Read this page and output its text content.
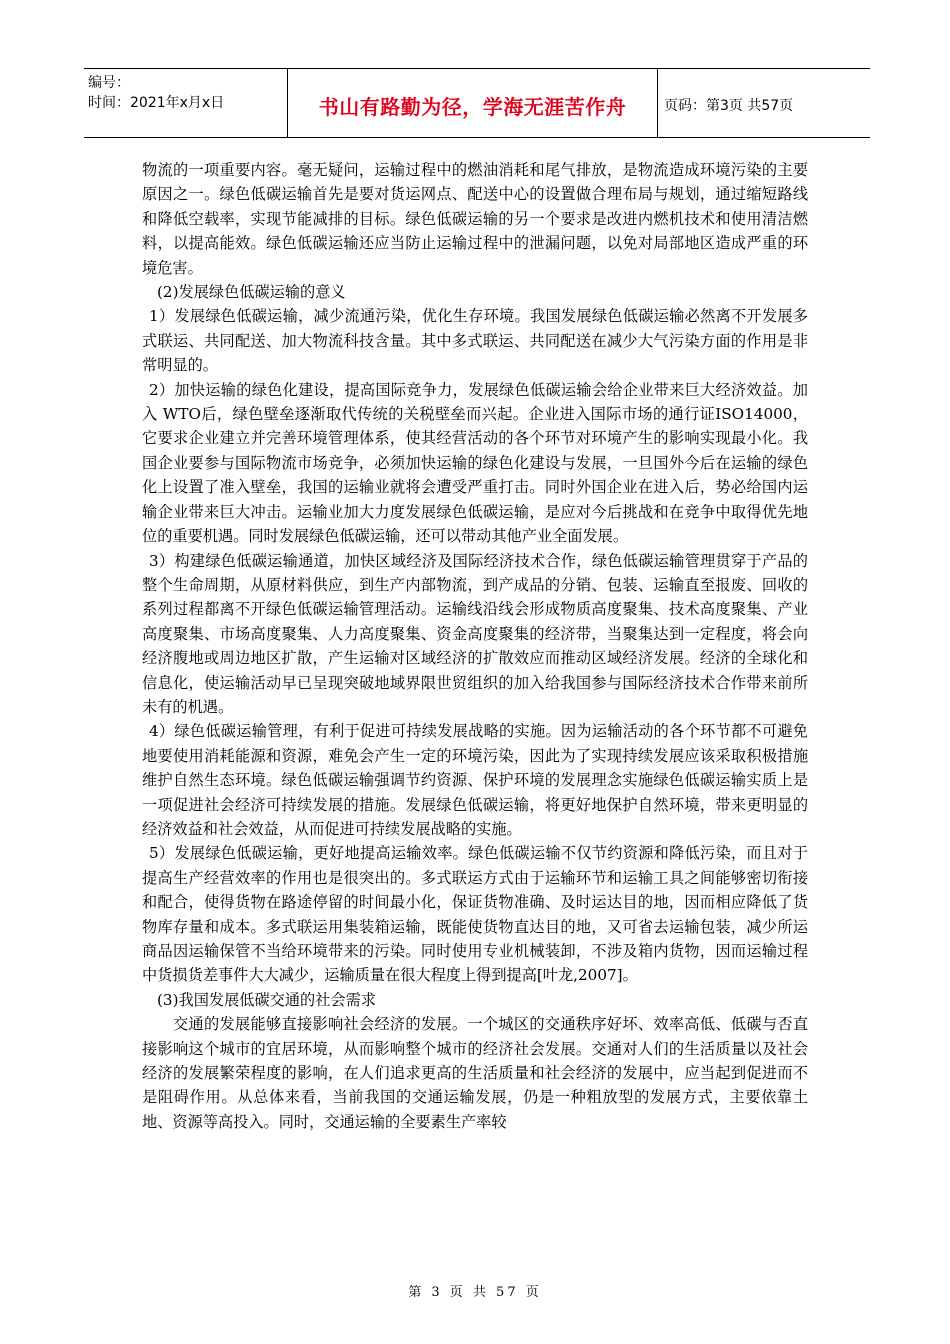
编号：
时间：2021年x月x日	书山有路勤为径，学海无涯苦作舟	页码：第3页 共57页

物流的一项重要内容。毫无疑问，运输过程中的燃油消耗和尾气排放，是物流造成环境污染的主要原因之一。绿色低碳运输首先是要对货运网点、配送中心的设置做合理布局与规划，通过缩短路线和降低空载率，实现节能减排的目标。绿色低碳运输的另一个要求是改进内燃机技术和使用清洁燃料，以提高能效。绿色低碳运输还应当防止运输过程中的泄漏问题，以免对局部地区造成严重的环境危害。

(2)发展绿色低碳运输的意义

1）发展绿色低碳运输，减少流通污染，优化生存环境。我国发展绿色低碳运输必然离不开发展多式联运、共同配送、加大物流科技含量。其中多式联运、共同配送在减少大气污染方面的作用是非常明显的。

2）加快运输的绿色化建设，提高国际竞争力，发展绿色低碳运输会给企业带来巨大经济效益。加入 WTO后，绿色壁垒逐渐取代传统的关税壁垒而兴起。企业进入国际市场的通行证ISO14000，它要求企业建立并完善环境管理体系，使其经营活动的各个环节对环境产生的影响实现最小化。我国企业要参与国际物流市场竞争，必须加快运输的绿色化建设与发展，一旦国外今后在运输的绿色化上设置了准入壁垒，我国的运输业就将会遭受严重打击。同时外国企业在进入后，势必给国内运输企业带来巨大冲击。运输业加大力度发展绿色低碳运输，是应对今后挑战和在竞争中取得优先地位的重要机遇。同时发展绿色低碳运输，还可以带动其他产业全面发展。

3）构建绿色低碳运输通道，加快区域经济及国际经济技术合作，绿色低碳运输管理贯穿于产品的整个生命周期，从原材料供应，到生产内部物流，到产成品的分销、包装、运输直至报废、回收的系列过程都离不开绿色低碳运输管理活动。运输线沿线会形成物质高度聚集、技术高度聚集、产业高度聚集、市场高度聚集、人力高度聚集、资金高度聚集的经济带，当聚集达到一定程度，将会向经济腹地或周边地区扩散，产生运输对区域经济的扩散效应而推动区域经济发展。经济的全球化和信息化，使运输活动早已呈现突破地域界限世贸组织的加入给我国参与国际经济技术合作带来前所未有的机遇。

4）绿色低碳运输管理，有利于促进可持续发展战略的实施。因为运输活动的各个环节都不可避免地要使用消耗能源和资源，难免会产生一定的环境污染，因此为了实现持续发展应该采取积极措施维护自然生态环境。绿色低碳运输强调节约资源、保护环境的发展理念实施绿色低碳运输实质上是一项促进社会经济可持续发展的措施。发展绿色低碳运输，将更好地保护自然环境，带来更明显的经济效益和社会效益，从而促进可持续发展战略的实施。

5）发展绿色低碳运输，更好地提高运输效率。绿色低碳运输不仅节约资源和降低污染，而且对于提高生产经营效率的作用也是很突出的。多式联运方式由于运输环节和运输工具之间能够密切衔接和配合，使得货物在路途停留的时间最小化，保证货物准确、及时运达目的地，因而相应降低了货物库存量和成本。多式联运用集装箱运输，既能使货物直达目的地，又可省去运输包装，减少所运商品因运输保管不当给环境带来的污染。同时使用专业机械装卸，不涉及箱内货物，因而运输过程中货损货差事件大大减少，运输质量在很大程度上得到提高[叶龙,2007]。

(3)我国发展低碳交通的社会需求

交通的发展能够直接影响社会经济的发展。一个城区的交通秩序好坏、效率高低、低碳与否直接影响这个城市的宜居环境，从而影响整个城市的经济社会发展。交通对人们的生活质量以及社会经济的发展繁荣程度的影响，在人们追求更高的生活质量和社会经济的发展中，应当起到促进而不是阻碍作用。从总体来看，当前我国的交通运输发展，仍是一种粗放型的发展方式，主要依靠土地、资源等高投入。同时，交通运输的全要素生产率较

第 3 页 共 57 页
